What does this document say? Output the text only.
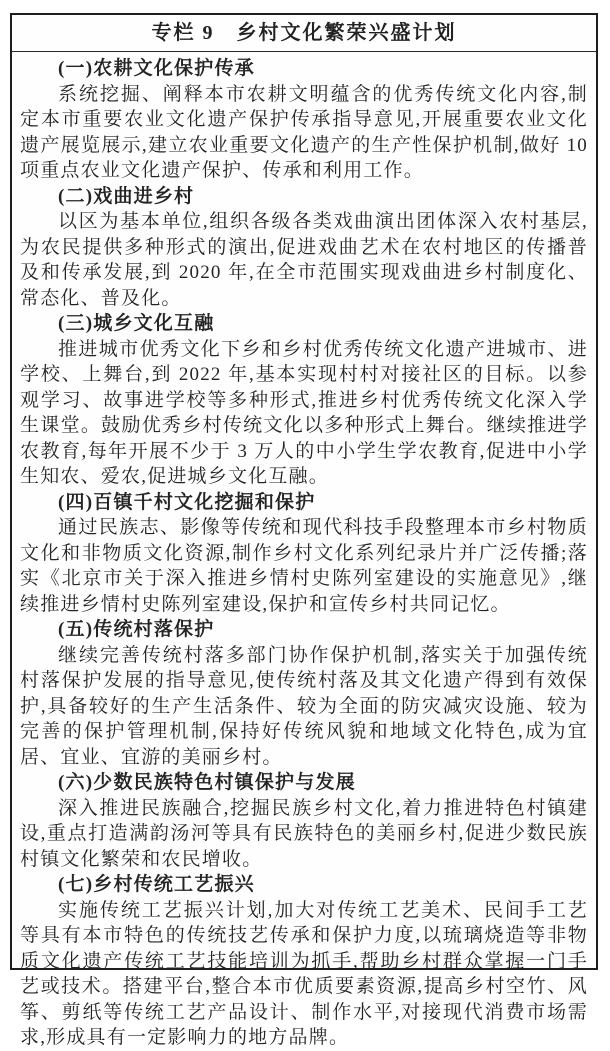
专栏 9　乡村文化繁荣兴盛计划

(一)农耕文化保护传承

系统挖掘、阐释本市农耕文明蕴含的优秀传统文化内容,制定本市重要农业文化遗产保护传承指导意见,开展重要农业文化遗产展览展示,建立农业重要文化遗产的生产性保护机制,做好 10 项重点农业文化遗产保护、传承和利用工作。

(二)戏曲进乡村

以区为基本单位,组织各级各类戏曲演出团体深入农村基层,为农民提供多种形式的演出,促进戏曲艺术在农村地区的传播普及和传承发展,到 2020 年,在全市范围实现戏曲进乡村制度化、常态化、普及化。

(三)城乡文化互融

推进城市优秀文化下乡和乡村优秀传统文化遗产进城市、进学校、上舞台,到 2022 年,基本实现村村对接社区的目标。以参观学习、故事进学校等多种形式,推进乡村优秀传统文化深入学生课堂。鼓励优秀乡村传统文化以多种形式上舞台。继续推进学农教育,每年开展不少于 3 万人的中小学生学农教育,促进中小学生知农、爱农,促进城乡文化互融。

(四)百镇千村文化挖掘和保护

通过民族志、影像等传统和现代科技手段整理本市乡村物质文化和非物质文化资源,制作乡村文化系列纪录片并广泛传播;落实《北京市关于深入推进乡情村史陈列室建设的实施意见》,继续推进乡情村史陈列室建设,保护和宣传乡村共同记忆。

(五)传统村落保护

继续完善传统村落多部门协作保护机制,落实关于加强传统村落保护发展的指导意见,使传统村落及其文化遗产得到有效保护,具备较好的生产生活条件、较为全面的防灾减灾设施、较为完善的保护管理机制,保持好传统风貌和地域文化特色,成为宜居、宜业、宜游的美丽乡村。

(六)少数民族特色村镇保护与发展

深入推进民族融合,挖掘民族乡村文化,着力推进特色村镇建设,重点打造满韵汤河等具有民族特色的美丽乡村,促进少数民族村镇文化繁荣和农民增收。

(七)乡村传统工艺振兴

实施传统工艺振兴计划,加大对传统工艺美术、民间手工艺等具有本市特色的传统技艺传承和保护力度,以琉璃烧造等非物质文化遗产传统工艺技能培训为抓手,帮助乡村群众掌握一门手艺或技术。搭建平台,整合本市优质要素资源,提高乡村空竹、风筝、剪纸等传统工艺产品设计、制作水平,对接现代消费市场需求,形成具有一定影响力的地方品牌。
